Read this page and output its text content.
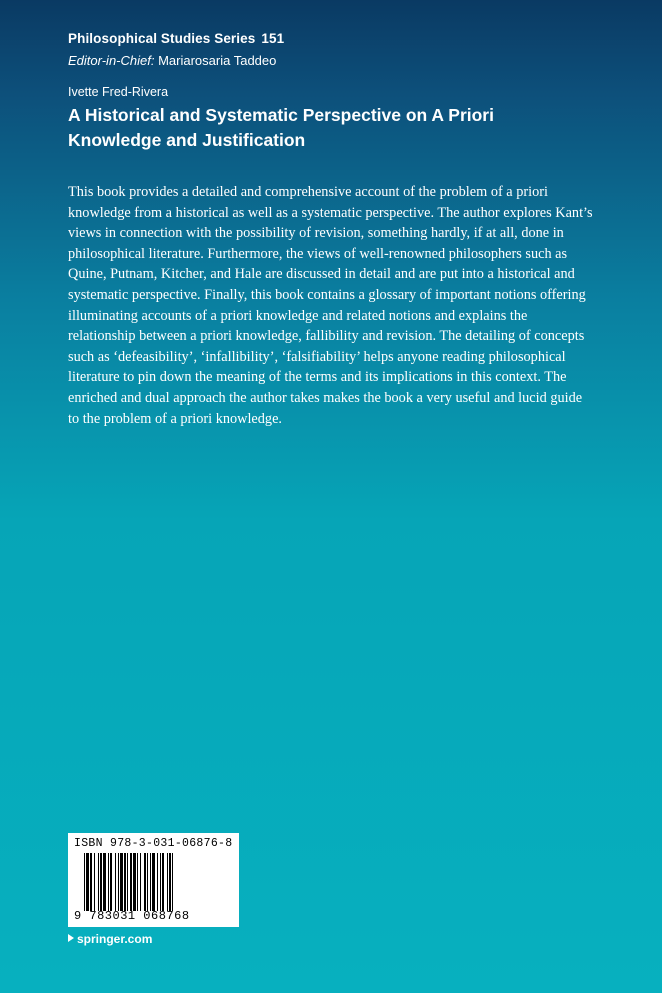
Philosophical Studies Series 151
Editor-in-Chief: Mariarosaria Taddeo
Ivette Fred-Rivera
A Historical and Systematic Perspective on A Priori Knowledge and Justification

This book provides a detailed and comprehensive account of the problem of a priori knowledge from a historical as well as a systematic perspective. The author explores Kant’s views in connection with the possibility of revision, something hardly, if at all, done in philosophical literature. Furthermore, the views of well-renowned philosophers such as Quine, Putnam, Kitcher, and Hale are discussed in detail and are put into a historical and systematic perspective. Finally, this book contains a glossary of important notions offering illuminating accounts of a priori knowledge and related notions and explains the relationship between a priori knowledge, fallibility and revision. The detailing of concepts such as ‘defeasibility’, ‘infallibility’, ‘falsifiability’ helps anyone reading philosophical literature to pin down the meaning of the terms and its implications in this context. The enriched and dual approach the author takes makes the book a very useful and lucid guide to the problem of a priori knowledge.

ISBN 978-3-031-06876-8
9 783031 068768
springer.com
